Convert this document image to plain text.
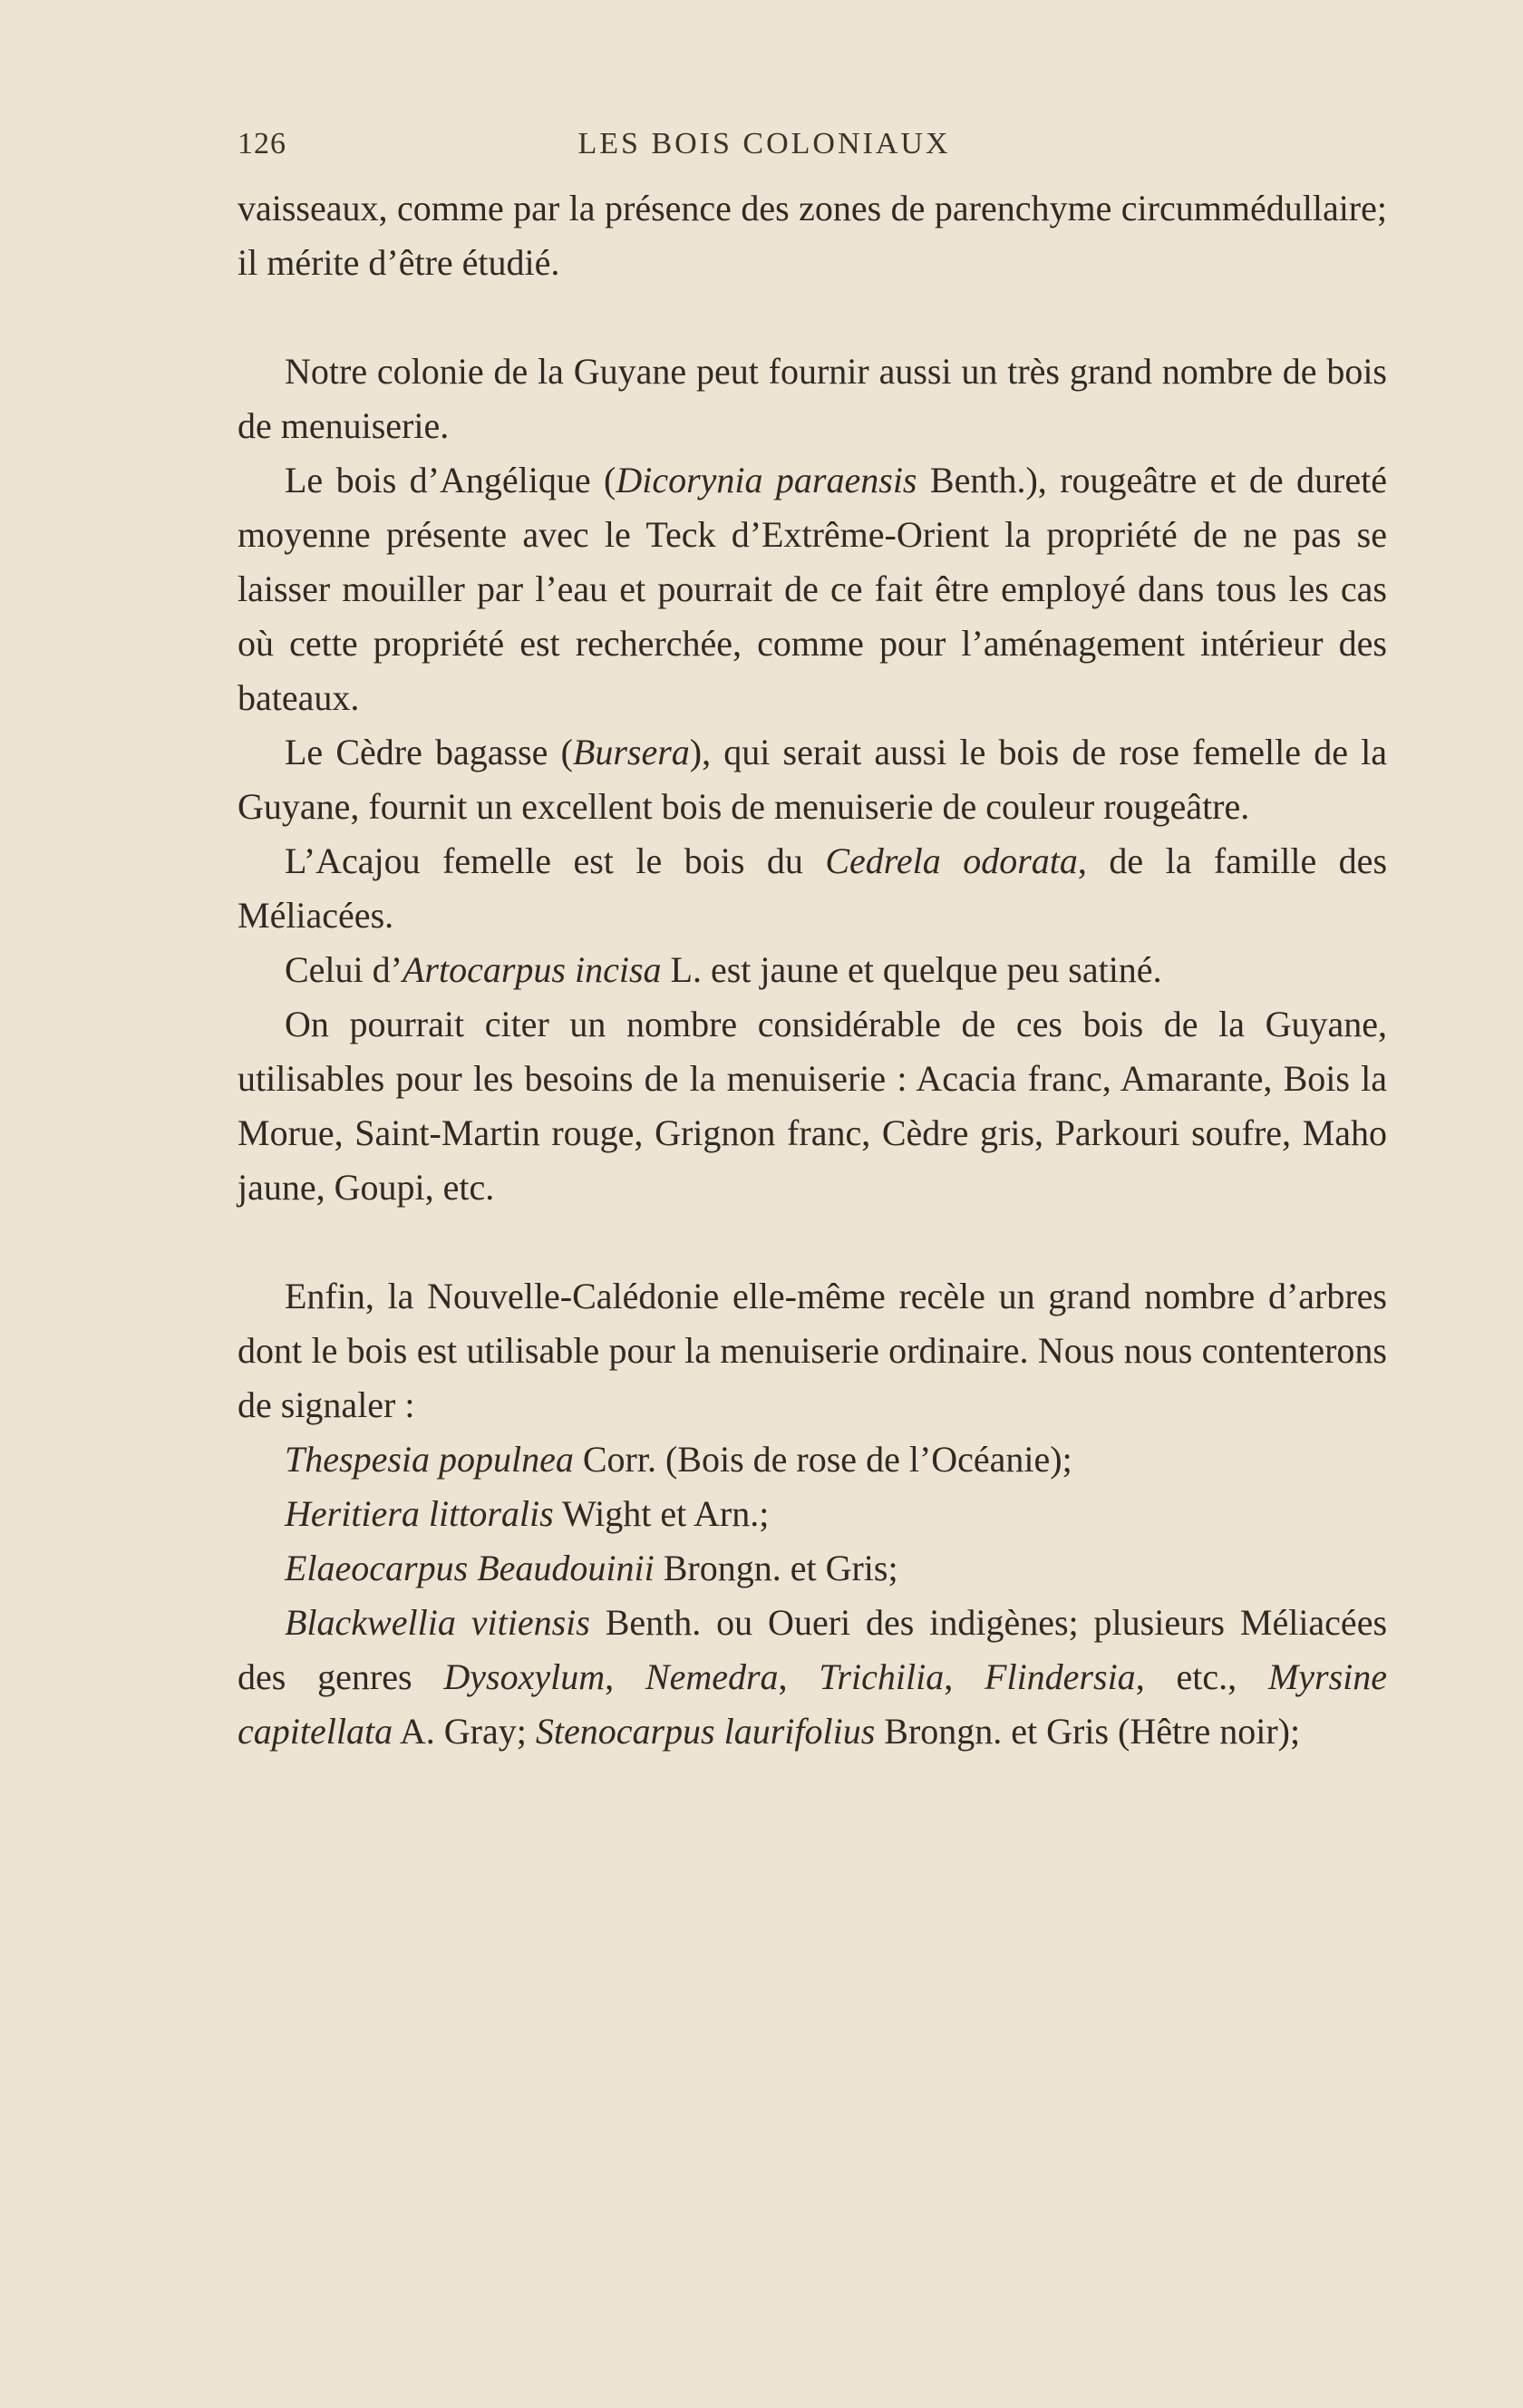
126	LES BOIS COLONIAUX

vaisseaux, comme par la présence des zones de parenchyme circummédullaire; il mérite d’être étudié.

Notre colonie de la Guyane peut fournir aussi un très grand nombre de bois de menuiserie.

Le bois d’Angélique (Dicorynia paraensis Benth.), rougeâtre et de dureté moyenne présente avec le Teck d’Extrême-Orient la propriété de ne pas se laisser mouiller par l’eau et pourrait de ce fait être employé dans tous les cas où cette propriété est recherchée, comme pour l’aménagement intérieur des bateaux.

Le Cèdre bagasse (Bursera), qui serait aussi le bois de rose femelle de la Guyane, fournit un excellent bois de menuiserie de couleur rougeâtre.

L’Acajou femelle est le bois du Cedrela odorata, de la famille des Méliacées.

Celui d’Artocarpus incisa L. est jaune et quelque peu satiné.

On pourrait citer un nombre considérable de ces bois de la Guyane, utilisables pour les besoins de la menuiserie : Acacia franc, Amarante, Bois la Morue, Saint-Martin rouge, Grignon franc, Cèdre gris, Parkouri soufre, Maho jaune, Goupi, etc.

Enfin, la Nouvelle-Calédonie elle-même recèle un grand nombre d’arbres dont le bois est utilisable pour la menuiserie ordinaire. Nous nous contenterons de signaler :

Thespesia populnea Corr. (Bois de rose de l’Océanie);

Heritiera littoralis Wight et Arn.;

Elaeocarpus Beaudouinii Brongn. et Gris;

Blackwellia vitiensis Benth. ou Oueri des indigènes; plusieurs Méliacées des genres Dysoxylum, Nemedra, Trichilia, Flindersia, etc., Myrsine capitellata A. Gray; Stenocarpus laurifolius Brongn. et Gris (Hêtre noir);
